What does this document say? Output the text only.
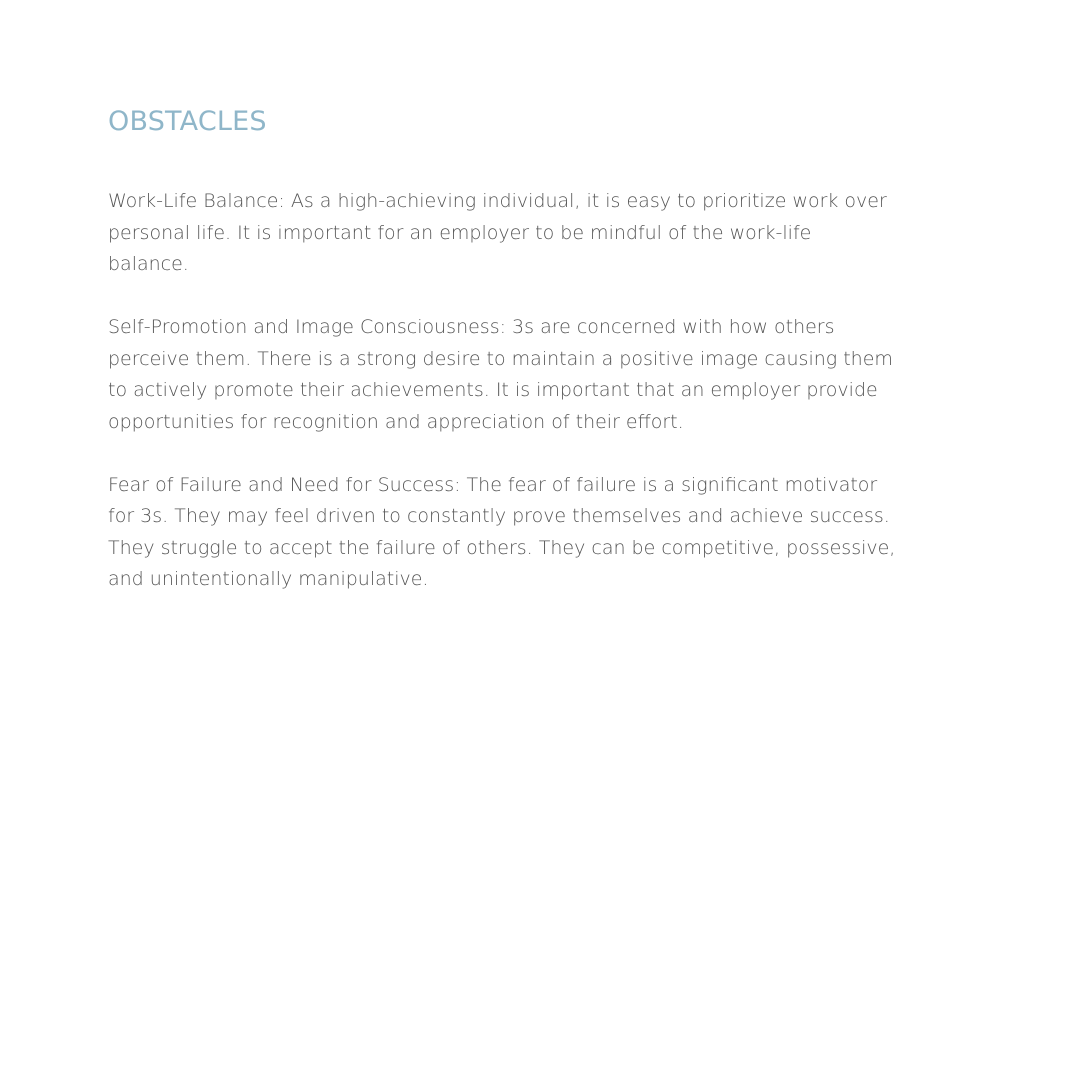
OBSTACLES

Work-Life Balance: As a high-achieving individual, it is easy to prioritize work over personal life. It is important for an employer to be mindful of the work-life balance.

Self-Promotion and Image Consciousness: 3s are concerned with how others perceive them. There is a strong desire to maintain a positive image causing them to actively promote their achievements. It is important that an employer provide opportunities for recognition and appreciation of their effort.

Fear of Failure and Need for Success: The fear of failure is a significant motivator for 3s. They may feel driven to constantly prove themselves and achieve success. They struggle to accept the failure of others. They can be competitive, possessive, and unintentionally manipulative.
